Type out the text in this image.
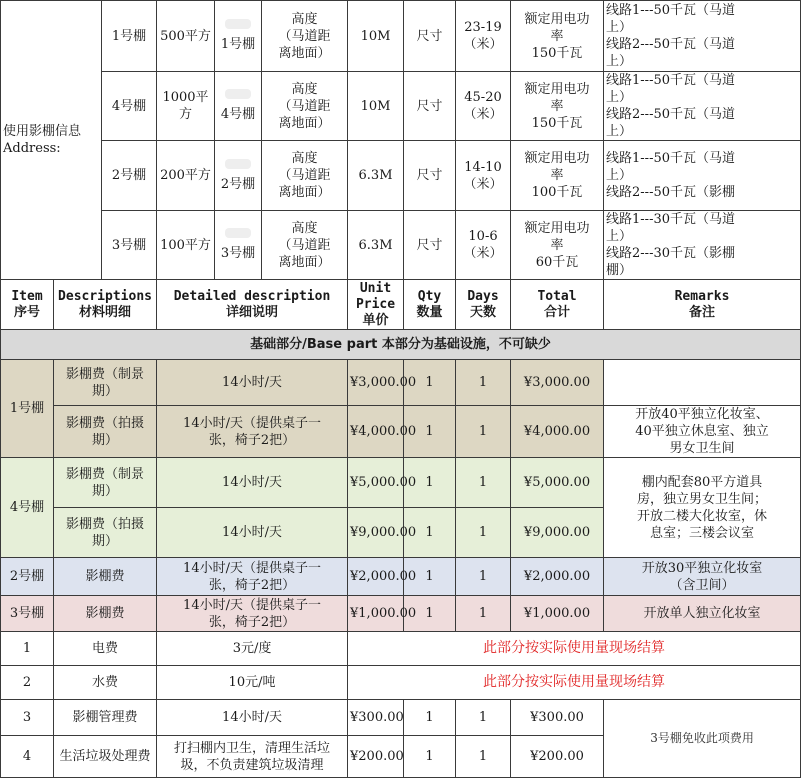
使用影棚信息
Address:		1号棚	500平方	1号棚	高度
（马道距
离地面）	10M	尺寸	23-19
（米）	额定用电功
率
150千瓦	线路1---50千瓦（马道
上）
线路2---50千瓦（马道
上）
		4号棚	1000平方	4号棚	高度
（马道距
离地面）	10M	尺寸	45-20
（米）	额定用电功
率
150千瓦	线路1---50千瓦（马道
上）
线路2---50千瓦（马道
上）
		2号棚	200平方	2号棚	高度
（马道距
离地面）	6.3M	尺寸	14-10
（米）	额定用电功
率
100千瓦	线路1---50千瓦（马道
上）
线路2---50千瓦（影棚
		3号棚	100平方	3号棚	高度
（马道距
离地面）	6.3M	尺寸	10-6
（米）	额定用电功
率
60千瓦	线路1---30千瓦（马道
上）
线路2---30千瓦（影棚
棚）
Item
序号	Descriptions
材料明细		Detailed description
详细说明			Unit
Price
单价	Qty
数量	Days
天数	Total
合计	Remarks
备注
基础部分/Base part 本部分为基础设施，不可缺少										
1号棚	影棚费（制景
期）		14小时/天			¥3,000.00	1	1	¥3,000.00	
	影棚费（拍摄
期）		14小时/天（提供桌子一
张，椅子2把）			¥4,000.00	1	1	¥4,000.00	开放40平独立化妆室、
40平独立休息室、独立
男女卫生间
4号棚	影棚费（制景
期）		14小时/天			¥5,000.00	1	1	¥5,000.00	棚内配套80平方道具
房，独立男女卫生间；
开放二楼大化妆室，休
息室；三楼会议室
	影棚费（拍摄
期）		14小时/天			¥9,000.00	1	1	¥9,000.00	
2号棚	影棚费		14小时/天（提供桌子一
张，椅子2把）			¥2,000.00	1	1	¥2,000.00	开放30平独立化妆室
（含卫间）
3号棚	影棚费		14小时/天（提供桌子一
张，椅子2把）			¥1,000.00	1	1	¥1,000.00	开放单人独立化妆室
1	电费		3元/度			此部分按实际使用量现场结算				
2	水费		10元/吨			此部分按实际使用量现场结算				
3	影棚管理费		14小时/天			¥300.00	1	1	¥300.00	3号棚免收此项费用
4	生活垃圾处理费		打扫棚内卫生，清理生活垃
圾，不负责建筑垃圾清理			¥200.00	1	1	¥200.00	
